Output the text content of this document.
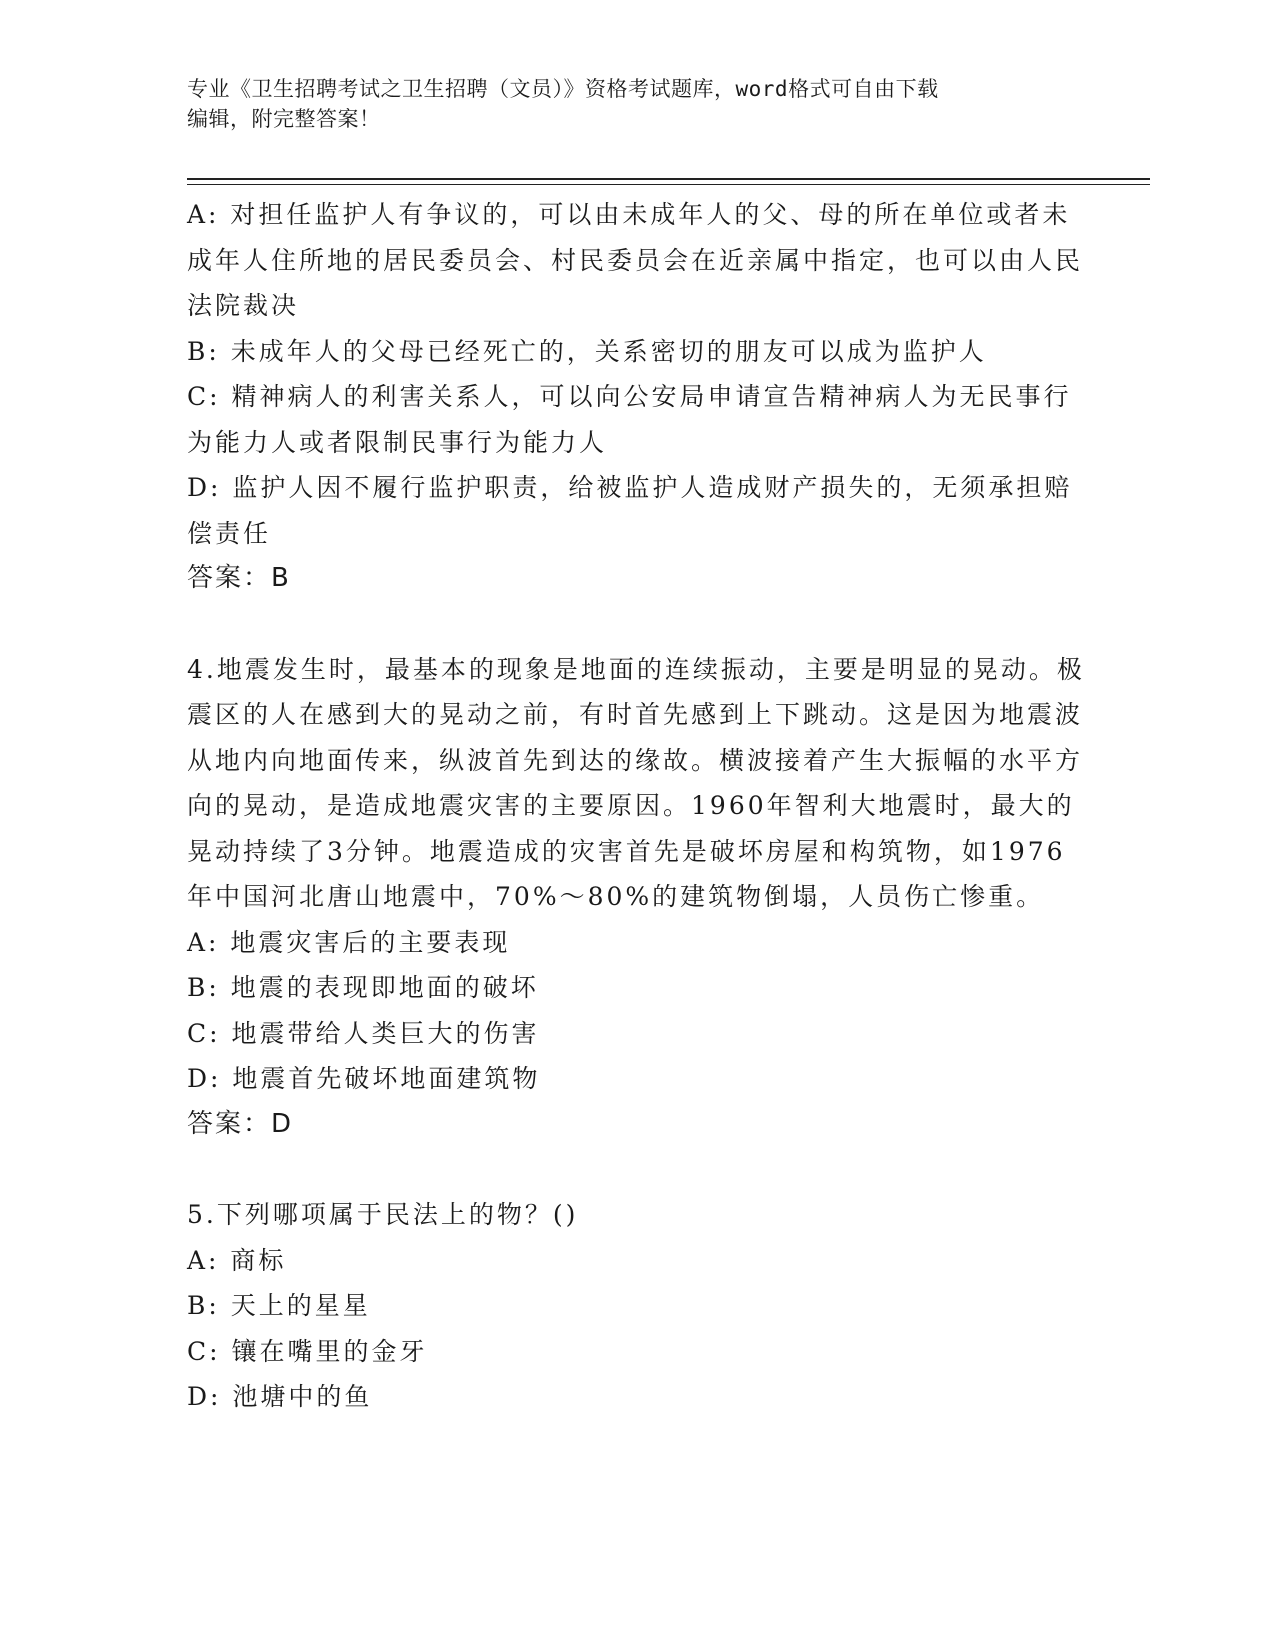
专业《卫生招聘考试之卫生招聘（文员）》资格考试题库，word格式可自由下载
编辑，附完整答案！

A: 对担任监护人有争议的，可以由未成年人的父、母的所在单位或者未成年人住所地的居民委员会、村民委员会在近亲属中指定，也可以由人民法院裁决

B: 未成年人的父母已经死亡的，关系密切的朋友可以成为监护人

C: 精神病人的利害关系人，可以向公安局申请宣告精神病人为无民事行为能力人或者限制民事行为能力人

D: 监护人因不履行监护职责，给被监护人造成财产损失的，无须承担赔偿责任

答案：B

4.地震发生时，最基本的现象是地面的连续振动，主要是明显的晃动。极震区的人在感到大的晃动之前，有时首先感到上下跳动。这是因为地震波从地内向地面传来，纵波首先到达的缘故。横波接着产生大振幅的水平方向的晃动，是造成地震灾害的主要原因。1960年智利大地震时，最大的晃动持续了3分钟。地震造成的灾害首先是破坏房屋和构筑物，如1976年中国河北唐山地震中，70%～80%的建筑物倒塌，人员伤亡惨重。

A: 地震灾害后的主要表现

B: 地震的表现即地面的破坏

C: 地震带给人类巨大的伤害

D: 地震首先破坏地面建筑物

答案：D

5.下列哪项属于民法上的物？()

A: 商标

B: 天上的星星

C: 镶在嘴里的金牙

D: 池塘中的鱼
